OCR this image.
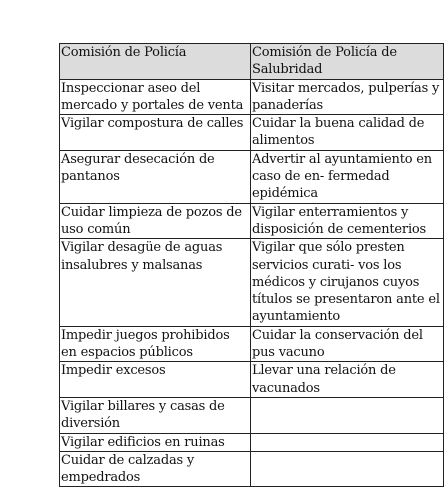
Comisión de Policía	Comisión de Policía de Salubridad
Inspeccionar aseo del mercado y portales de venta	Visitar mercados, pulperías y panaderías
Vigilar compostura de calles	Cuidar la buena calidad de alimentos
Asegurar desecación de pantanos	Advertir al ayuntamiento en caso de en- fermedad epidémica
Cuidar limpieza de pozos de uso común	Vigilar enterramientos y disposición de cementerios
Vigilar desagüe de aguas insalubres y malsanas	Vigilar que sólo presten servicios curati- vos los médicos y cirujanos cuyos títulos se presentaron ante el ayuntamiento
Impedir juegos prohibidos en espacios públicos	Cuidar la conservación del pus vacuno
Impedir excesos	Llevar una relación de vacunados
Vigilar billares y casas de diversión	
Vigilar edificios en ruinas	
Cuidar de calzadas y empedrados	
